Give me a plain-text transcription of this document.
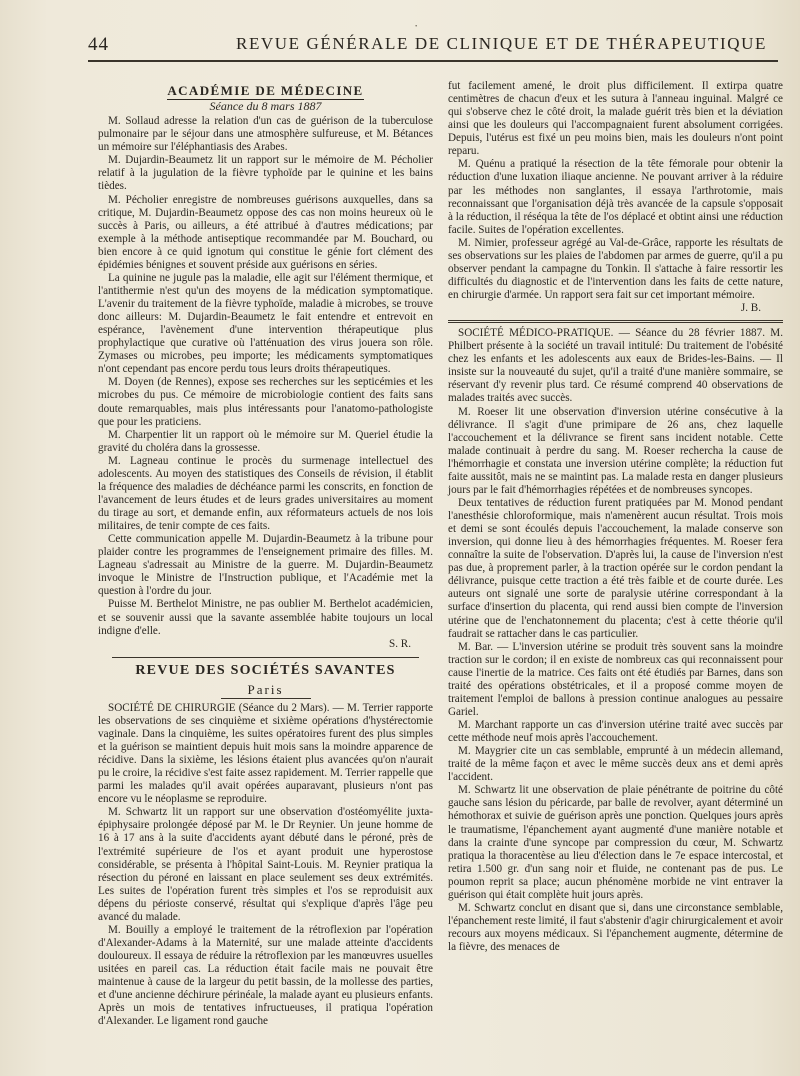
·
44	REVUE GÉNÉRALE DE CLINIQUE ET DE THÉRAPEUTIQUE
ACADÉMIE DE MÉDECINE
Séance du 8 mars 1887

M. Sollaud adresse la relation d'un cas de guérison de la tuberculose pulmonaire par le séjour dans une atmosphère sulfureuse, et M. Bétances un mémoire sur l'éléphantiasis des Arabes.

M. Dujardin-Beaumetz lit un rapport sur le mémoire de M. Pécholier relatif à la jugulation de la fièvre typhoïde par le quinine et les bains tièdes.

M. Pécholier enregistre de nombreuses guérisons auxquelles, dans sa critique, M. Dujardin-Beaumetz oppose des cas non moins heureux où le succès à Paris, ou ailleurs, a été attribué à d'autres médications; par exemple à la méthode antiseptique recommandée par M. Bouchard, ou bien encore à ce quid ignotum qui constitue le génie fort clément des épidémies bénignes et souvent préside aux guérisons en séries.

La quinine ne jugule pas la maladie, elle agit sur l'élément thermique, et l'antithermie n'est qu'un des moyens de la médication symptomatique. L'avenir du traitement de la fièvre typhoïde, maladie à microbes, se trouve donc ailleurs: M. Dujardin-Beaumetz le fait entendre et entrevoit en espérance, l'avènement d'une intervention thérapeutique plus prophylactique que curative où l'atténuation des virus jouera son rôle. Zymases ou microbes, peu importe; les médicaments symptomatiques n'ont cependant pas encore perdu tous leurs droits thérapeutiques.

M. Doyen (de Rennes), expose ses recherches sur les septicémies et les microbes du pus. Ce mémoire de microbiologie contient des faits sans doute remarquables, mais plus intéressants pour l'anatomo-pathologiste que pour les praticiens.

M. Charpentier lit un rapport où le mémoire sur M. Queriel étudie la gravité du choléra dans la grossesse.

M. Lagneau continue le procès du surmenage intellectuel des adolescents. Au moyen des statistiques des Conseils de révision, il établit la fréquence des maladies de déchéance parmi les conscrits, en fonction de l'avancement de leurs études et de leurs grades universitaires au moment du tirage au sort, et demande enfin, aux réformateurs actuels de nos lois militaires, de tenir compte de ces faits.

Cette communication appelle M. Dujardin-Beaumetz à la tribune pour plaider contre les programmes de l'enseignement primaire des filles. M. Lagneau s'adressait au Ministre de la guerre. M. Dujardin-Beaumetz invoque le Ministre de l'Instruction publique, et l'Académie met la question à l'ordre du jour.

Puisse M. Berthelot Ministre, ne pas oublier M. Berthelot académicien, et se souvenir aussi que la savante assemblée habite toujours un local indigne d'elle.

S. R.
REVUE DES SOCIÉTÉS SAVANTES
Paris

SOCIÉTÉ DE CHIRURGIE (Séance du 2 Mars). — M. Terrier rapporte les observations de ses cinquième et sixième opérations d'hystérectomie vaginale. Dans la cinquième, les suites opératoires furent des plus simples et la guérison se maintient depuis huit mois sans la moindre apparence de récidive. Dans la sixième, les lésions étaient plus avancées qu'on n'aurait pu le croire, la récidive s'est faite assez rapidement. M. Terrier rappelle que parmi les malades qu'il avait opérées auparavant, plusieurs n'ont pas encore vu le néoplasme se reproduire.

M. Schwartz lit un rapport sur une observation d'ostéomyélite juxta-épiphysaire prolongée déposé par M. le Dr Reynier. Un jeune homme de 16 à 17 ans à la suite d'accidents ayant débuté dans le péroné, près de l'extrémité supérieure de l'os et ayant produit une hyperostose considérable, se présenta à l'hôpital Saint-Louis. M. Reynier pratiqua la résection du péroné en laissant en place seulement ses deux extrémités. Les suites de l'opération furent très simples et l'os se reproduisit aux dépens du périoste conservé, résultat qui s'explique d'après l'âge peu avancé du malade.

M. Bouilly a employé le traitement de la rétroflexion par l'opération d'Alexander-Adams à la Maternité, sur une malade atteinte d'accidents douloureux. Il essaya de réduire la rétroflexion par les manœuvres usuelles usitées en pareil cas. La réduction était facile mais ne pouvait être maintenue à cause de la largeur du petit bassin, de la mollesse des parties, et d'une ancienne déchirure périnéale, la malade ayant eu plusieurs enfants. Après un mois de tentatives infructueuses, il pratiqua l'opération d'Alexander. Le ligament rond gauche

fut facilement amené, le droit plus difficilement. Il extirpa quatre centimètres de chacun d'eux et les sutura à l'anneau inguinal. Malgré ce qui s'observe chez le côté droit, la malade guérit très bien et la déviation ainsi que les douleurs qui l'accompagnaient furent absolument corrigées. Depuis, l'utérus est fixé un peu moins bien, mais les douleurs n'ont point reparu.

M. Quénu a pratiqué la résection de la tête fémorale pour obtenir la réduction d'une luxation iliaque ancienne. Ne pouvant arriver à la réduire par les méthodes non sanglantes, il essaya l'arthrotomie, mais reconnaissant que l'organisation déjà très avancée de la capsule s'opposait à la réduction, il réséqua la tête de l'os déplacé et obtint ainsi une réduction facile. Suites de l'opération excellentes.

M. Nimier, professeur agrégé au Val-de-Grâce, rapporte les résultats de ses observations sur les plaies de l'abdomen par armes de guerre, qu'il a pu observer pendant la campagne du Tonkin. Il s'attache à faire ressortir les difficultés du diagnostic et de l'intervention dans les faits de cette nature, en chirurgie d'armée. Un rapport sera fait sur cet important mémoire.

J. B.

SOCIÉTÉ MÉDICO-PRATIQUE. — Séance du 28 février 1887. M. Philbert présente à la société un travail intitulé: Du traitement de l'obésité chez les enfants et les adolescents aux eaux de Brides-les-Bains. — Il insiste sur la nouveauté du sujet, qu'il a traité d'une manière sommaire, se réservant d'y revenir plus tard. Ce résumé comprend 40 observations de malades traités avec succès.

M. Roeser lit une observation d'inversion utérine consécutive à la délivrance. Il s'agit d'une primipare de 26 ans, chez laquelle l'accouchement et la délivrance se firent sans incident notable. Cette malade continuait à perdre du sang. M. Roeser rechercha la cause de l'hémorrhagie et constata une inversion utérine complète; la réduction fut faite aussitôt, mais ne se maintint pas. La malade resta en danger plusieurs jours par le fait d'hémorrhagies répétées et de nombreuses syncopes.

Deux tentatives de réduction furent pratiquées par M. Monod pendant l'anesthésie chloroformique, mais n'amenèrent aucun résultat. Trois mois et demi se sont écoulés depuis l'accouchement, la malade conserve son inversion, qui donne lieu à des hémorrhagies fréquentes. M. Roeser fera connaître la suite de l'observation. D'après lui, la cause de l'inversion n'est pas due, à proprement parler, à la traction opérée sur le cordon pendant la délivrance, puisque cette traction a été très faible et de courte durée. Les auteurs ont signalé une sorte de paralysie utérine correspondant à la surface d'insertion du placenta, qui rend aussi bien compte de l'inversion utérine que de l'enchatonnement du placenta; c'est à cette théorie qu'il faudrait se rattacher dans le cas particulier.

M. Bar. — L'inversion utérine se produit très souvent sans la moindre traction sur le cordon; il en existe de nombreux cas qui reconnaissent pour cause l'inertie de la matrice. Ces faits ont été étudiés par Barnes, dans son traité des opérations obstétricales, et il a proposé comme moyen de traitement l'emploi de ballons à pression continue analogues au pessaire Gariel.

M. Marchant rapporte un cas d'inversion utérine traité avec succès par cette méthode neuf mois après l'accouchement.

M. Maygrier cite un cas semblable, emprunté à un médecin allemand, traité de la même façon et avec le même succès deux ans et demi après l'accident.

M. Schwartz lit une observation de plaie pénétrante de poitrine du côté gauche sans lésion du péricarde, par balle de revolver, ayant déterminé un hémothorax et suivie de guérison après une ponction. Quelques jours après le traumatisme, l'épanchement ayant augmenté d'une manière notable et dans la crainte d'une syncope par compression du cœur, M. Schwartz pratiqua la thoracentèse au lieu d'élection dans le 7e espace intercostal, et retira 1.500 gr. d'un sang noir et fluide, ne contenant pas de pus. Le poumon reprit sa place; aucun phénomène morbide ne vint entraver la guérison qui était complète huit jours après.

M. Schwartz conclut en disant que si, dans une circonstance semblable, l'épanchement reste limité, il faut s'abstenir d'agir chirurgicalement et avoir recours aux moyens médicaux. Si l'épanchement augmente, détermine de la fièvre, des menaces de
